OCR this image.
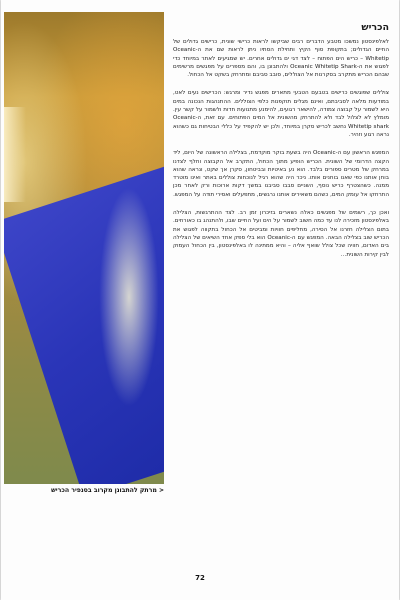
< מרתק להתבונן מקרוב בסנפיר הכריש
הכריש

לאלפינסטון נמשכו מטבע הדברים רבים שביקשו לראות כרישי שונית, כרישים גדולים של החיים הגדולים; בתקופת סוף הקיץ ותחילת הסתיו ניתן לראות שם את ה-Oceanic Whitetip – כריש הים הפתוח – לצד דגי ים גדולים אחרים. יש שמגיעים לאתר במיוחד כדי לפגוש את ה-Oceanic Whitetip Shark ולהתבונן בו, והם מספרים על מפגשים מרשימים שבהם הכריש מתקרב בסקרנות אל הצוללים, סובב סביבם ומתרחק בשקט אל הכחול.

צוללים שפוגשים כרישים בטבעם הטבעי מתארים מפגש נדיר ומרגש: הכרישים נעים לאט, במודעות מלאה לסביבתם, ואינם מגלים תוקפנות כלפי הצוללים. ההתנהגות הנכונה במים היא לשמור על קבוצה צמודה, להישאר רגועים, להימנע מתנועות חדות ולשמור על קשר עין. מומלץ לא לצלול לבד ולא להתרחק מהשונית אל המים הפתוחים. עם זאת, ה-Oceanic Whitetip shark נחשב לכריש סקרן במיוחד, ולכן יש להקפיד על כללי הבטיחות גם כשהוא נראה רגוע וזהיר.

המפגש הראשון עם ה-Oceanic היה בשעת בוקר מוקדמת, בצלילה הראשונה של היום, ליד הקצה הדרומי של השונית. הכריש הופיע מתוך הכחול, התקרב אל הקבוצה וחלף לצדנו במרחק של מטרים ספורים בלבד. הוא נע באיטיות ובביטחון, סקרן אך שקט, ונראה שהוא בוחן אותנו כפי שאנו בוחנים אותו. ניכר היה שהוא רגיל לנוכחות צוללים באתר ואינו מוטרד ממנה. כשהצטרף כריש נוסף, השניים סבבו סביבנו במשך דקות ארוכות ורק לאחר מכן התרחקו אל עומק המים, כשהם משאירים אותנו נרגשים, מתפעלים ואסירי תודה על המפגש.

ואכן כך, רשמים של מפגשים כאלה נשארים בזיכרון זמן רב. לצד ההתרגשות, הצלילה באלפינסטון מזכירה לנו עד כמה חשוב לשמור על הים ועל החיים שבו, ולהתנהג בו כאורחים. בתום הצלילה חזרנו אל הסירה, מחליפים חוויות ומביטים אל הכחול בתקווה לפגוש את הכריש שוב בצלילה הבאה. המפגש עם ה-Oceanic הוא בלי ספק אחד השיאים של הצלילה בים האדום, חוויה שכל צולל שואף אליה – והיא ממתינה לו באלפינסטון, בין הכחול העמוק לבין קירות השונית…

72
